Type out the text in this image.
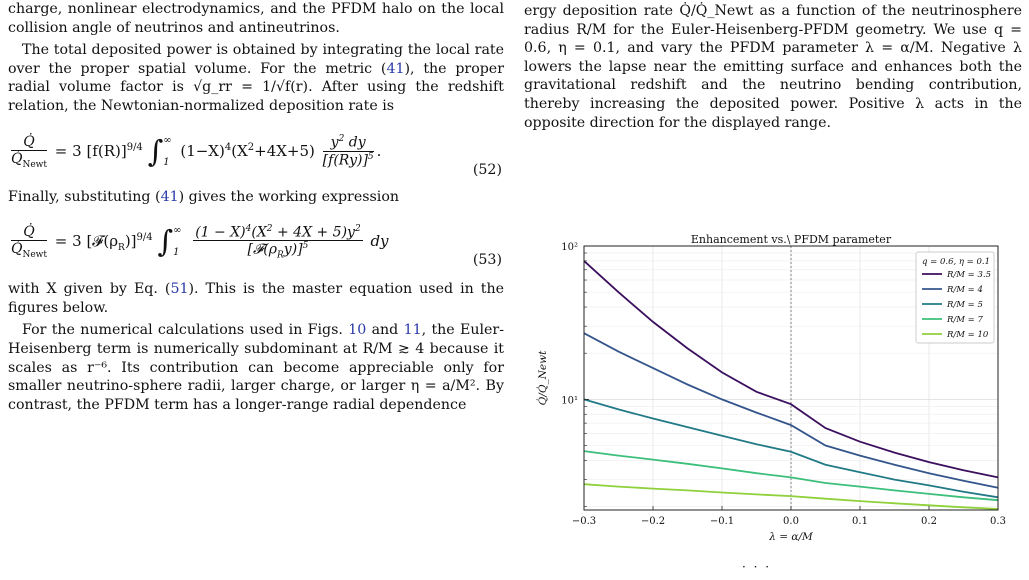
charge, nonlinear electrodynamics, and the PFDM halo on the local collision angle of neutrinos and antineutrinos.

The total deposited power is obtained by integrating the local rate over the proper spatial volume. For the metric (41), the proper radial volume factor is √g_rr = 1/√f(r). After using the redshift relation, the Newtonian-normalized deposition rate is

$\frac{Q̇}{Q̇_{Newt}} = 3$ $[f(R)]^{9/4}$ ∫∞
1 $(1-X)^4(X^2+4X+5) \frac{y^2 dy}{[f(Ry)]^5}$ .
(52)

Finally, substituting (41) gives the working expression

$\frac{Q̇}{Q̇_{Newt}} = 3$ $[𝓕(\rho_R)]^{9/4}$ ∫∞
$1 \frac{(1 - X)^4(X^2 + 4X + 5)y^2}{[𝓕(\rho_Ry)]^5}$ dy
(53)

with X given by Eq. (51). This is the master equation used in the figures below.

For the numerical calculations used in Figs. 10 and 11, the Euler-Heisenberg term is numerically subdominant at R/M ≳ 4 because it scales as r⁻⁶. Its contribution can become appreciable only for smaller neutrino-sphere radii, larger charge, or larger η = a/M². By contrast, the PFDM term has a longer-range radial dependence

ergy deposition rate Q̇/Q̇_Newt as a function of the neutrinosphere radius R/M for the Euler-Heisenberg-PFDM geometry. We use q = 0.6, η = 0.1, and vary the PFDM parameter λ = α/M. Negative λ lowers the lapse near the emitting surface and enhances both the gravitational redshift and the neutrino bending contribution, thereby increasing the deposited power. Positive λ acts in the opposite direction for the displayed range.

−0.3	−0.2	−0.1	0.0	0.1	0.2	0.3
10¹
10²
Enhancement vs.\ PFDM parameter
λ = α/M
Q̇/Q̇_Newt
q = 0.6, η = 0.1
R/M = 3.5
R/M = 4
R/M = 5
R/M = 7
R/M = 10
· · ·
